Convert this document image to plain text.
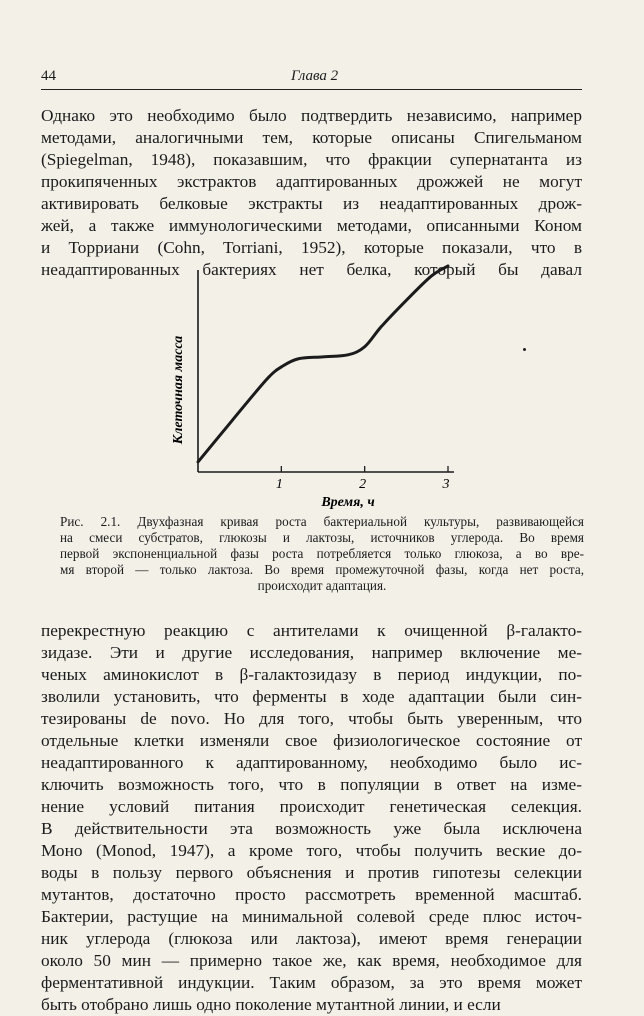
44	Глава 2
Однако это необходимо было подтвердить независимо, например
методами, аналогичными тем, которые описаны Спигельманом
(Spiegelman, 1948), показавшим, что фракции супернатанта из
прокипяченных экстрактов адаптированных дрожжей не могут
активировать белковые экстракты из неадаптированных дрож-
жей, а также иммунологическими методами, описанными Коном
и Торриани (Cohn, Torriani, 1952), которые показали, что в
неадаптированных бактериях нет белка, который бы давал
1	2	3
Клеточная масса
Время, ч
Рис. 2.1. Двухфазная кривая роста бактериальной культуры, развивающейся
на смеси субстратов, глюкозы и лактозы, источников углерода. Во время
первой экспоненциальной фазы роста потребляется только глюкоза, а во вре-
мя второй — только лактоза. Во время промежуточной фазы, когда нет роста,
происходит адаптация.
перекрестную реакцию с антителами к очищенной β-галакто-
зидазе. Эти и другие исследования, например включение ме-
ченых аминокислот в β-галактозидазу в период индукции, по-
зволили установить, что ферменты в ходе адаптации были син-
тезированы de novo. Но для того, чтобы быть уверенным, что
отдельные клетки изменяли свое физиологическое состояние от
неадаптированного к адаптированному, необходимо было ис-
ключить возможность того, что в популяции в ответ на изме-
нение условий питания происходит генетическая селекция.
В действительности эта возможность уже была исключена
Моно (Monod, 1947), а кроме того, чтобы получить веские до-
воды в пользу первого объяснения и против гипотезы селекции
мутантов, достаточно просто рассмотреть временной масштаб.
Бактерии, растущие на минимальной солевой среде плюс источ-
ник углерода (глюкоза или лактоза), имеют время генерации
около 50 мин — примерно такое же, как время, необходимое для
ферментативной индукции. Таким образом, за это время может
быть отобрано лишь одно поколение мутантной линии, и если
